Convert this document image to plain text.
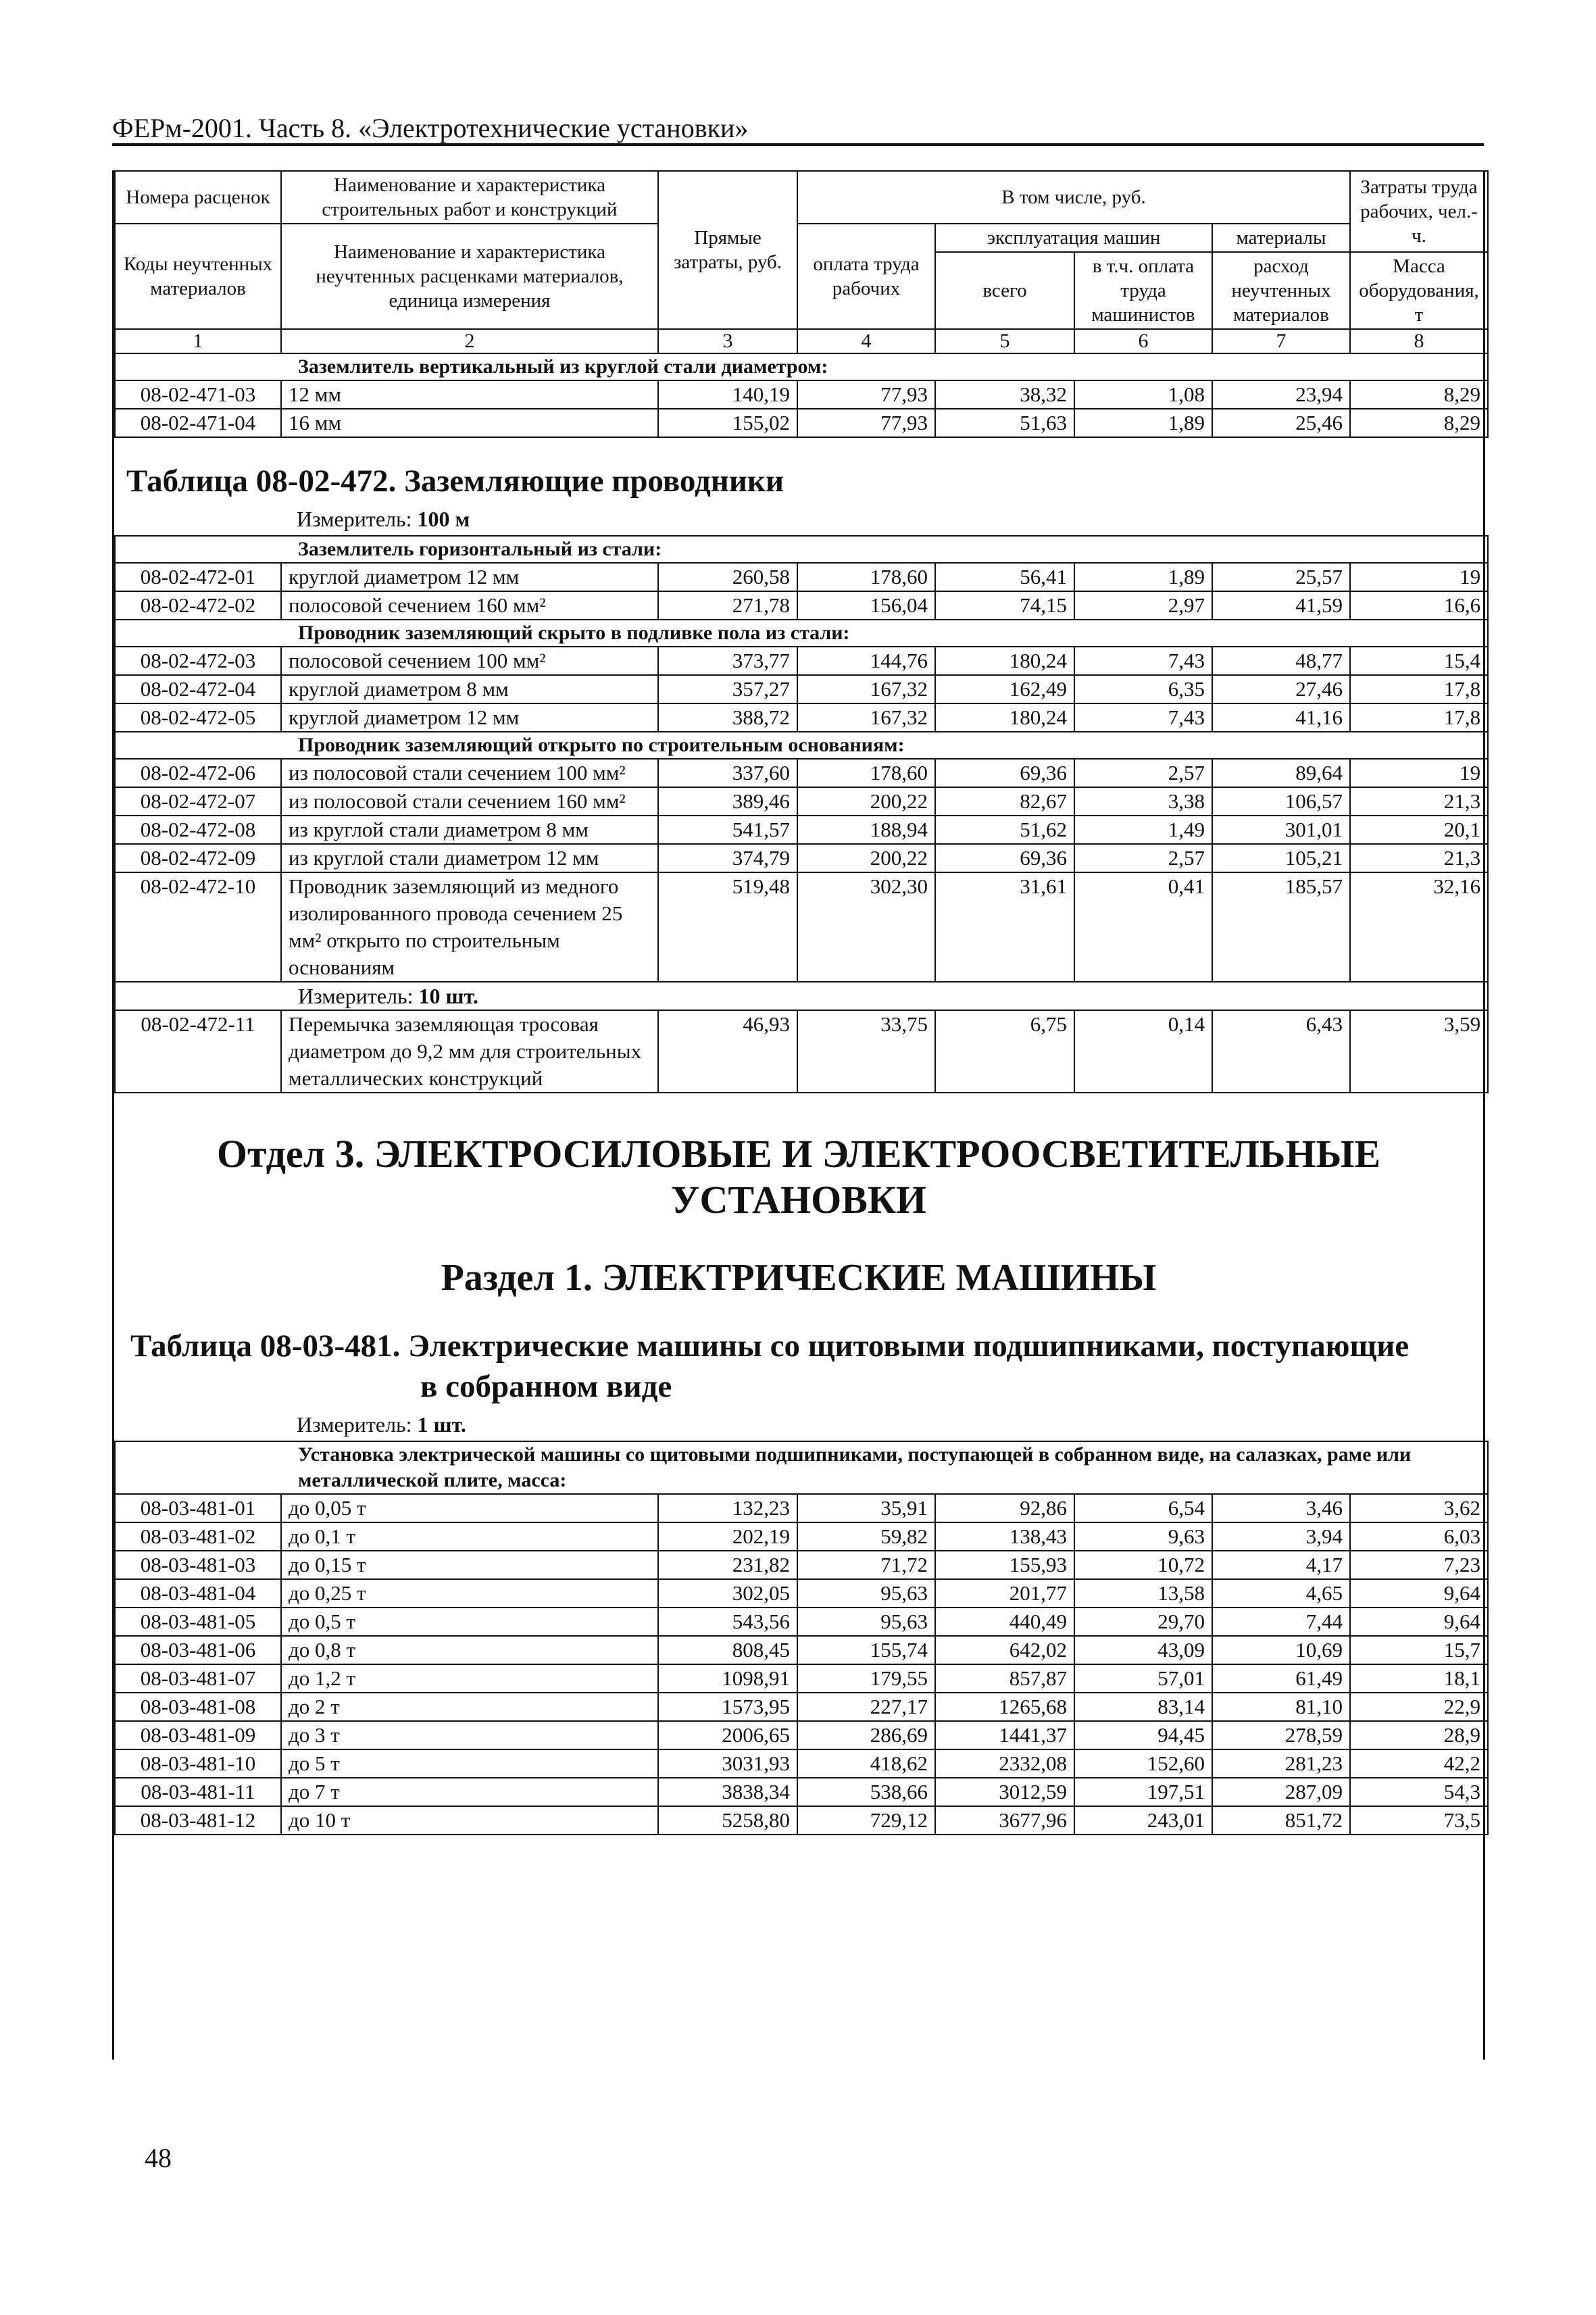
ФЕРм-2001. Часть 8. «Электротехнические установки»
Номера расценок	Наименование и характеристика строительных работ и конструкций	Прямые затраты, руб.	В том числе, руб.				Затраты труда рабочих, чел.-ч.
Коды неучтенных материалов	Наименование и характеристика неучтенных расценками материалов, единица измерения		оплата труда рабочих	эксплуатация машин		материалы	
				всего	в т.ч. оплата труда машинистов	расход неучтенных материалов	Масса оборудования, т
1	2	3	4	5	6	7	8
Заземлитель вертикальный из круглой стали диаметром:							
08-02-471-03	12 мм	140,19	77,93	38,32	1,08	23,94	8,29
08-02-471-04	16 мм	155,02	77,93	51,63	1,89	25,46	8,29
Таблица 08-02-472. Заземляющие проводники
Измеритель: 100 м
Заземлитель горизонтальный из стали:							
08-02-472-01	круглой диаметром 12 мм	260,58	178,60	56,41	1,89	25,57	19
08-02-472-02	полосовой сечением 160 мм²	271,78	156,04	74,15	2,97	41,59	16,6
Проводник заземляющий скрыто в подливке пола из стали:							
08-02-472-03	полосовой сечением 100 мм²	373,77	144,76	180,24	7,43	48,77	15,4
08-02-472-04	круглой диаметром 8 мм	357,27	167,32	162,49	6,35	27,46	17,8
08-02-472-05	круглой диаметром 12 мм	388,72	167,32	180,24	7,43	41,16	17,8
Проводник заземляющий открыто по строительным основаниям:							
08-02-472-06	из полосовой стали сечением 100 мм²	337,60	178,60	69,36	2,57	89,64	19
08-02-472-07	из полосовой стали сечением 160 мм²	389,46	200,22	82,67	3,38	106,57	21,3
08-02-472-08	из круглой стали диаметром 8 мм	541,57	188,94	51,62	1,49	301,01	20,1
08-02-472-09	из круглой стали диаметром 12 мм	374,79	200,22	69,36	2,57	105,21	21,3
08-02-472-10	Проводник заземляющий из медного изолированного провода сечением 25 мм² открыто по строительным основаниям	519,48	302,30	31,61	0,41	185,57	32,16
Измеритель: 10 шт.							
08-02-472-11	Перемычка заземляющая тросовая диаметром до 9,2 мм для строительных металлических конструкций	46,93	33,75	6,75	0,14	6,43	3,59
Отдел 3. ЭЛЕКТРОСИЛОВЫЕ И ЭЛЕКТРООСВЕТИТЕЛЬНЫЕ
УСТАНОВКИ
Раздел 1. ЭЛЕКТРИЧЕСКИЕ МАШИНЫ
Таблица 08-03-481. Электрические машины со щитовыми подшипниками, поступающие
в собранном виде
Измеритель: 1 шт.
Установка электрической машины со щитовыми подшипниками, поступающей в собранном виде, на салазках, раме или металлической плите, масса:							
08-03-481-01	до 0,05 т	132,23	35,91	92,86	6,54	3,46	3,62
08-03-481-02	до 0,1 т	202,19	59,82	138,43	9,63	3,94	6,03
08-03-481-03	до 0,15 т	231,82	71,72	155,93	10,72	4,17	7,23
08-03-481-04	до 0,25 т	302,05	95,63	201,77	13,58	4,65	9,64
08-03-481-05	до 0,5 т	543,56	95,63	440,49	29,70	7,44	9,64
08-03-481-06	до 0,8 т	808,45	155,74	642,02	43,09	10,69	15,7
08-03-481-07	до 1,2 т	1098,91	179,55	857,87	57,01	61,49	18,1
08-03-481-08	до 2 т	1573,95	227,17	1265,68	83,14	81,10	22,9
08-03-481-09	до 3 т	2006,65	286,69	1441,37	94,45	278,59	28,9
08-03-481-10	до 5 т	3031,93	418,62	2332,08	152,60	281,23	42,2
08-03-481-11	до 7 т	3838,34	538,66	3012,59	197,51	287,09	54,3
08-03-481-12	до 10 т	5258,80	729,12	3677,96	243,01	851,72	73,5
48
